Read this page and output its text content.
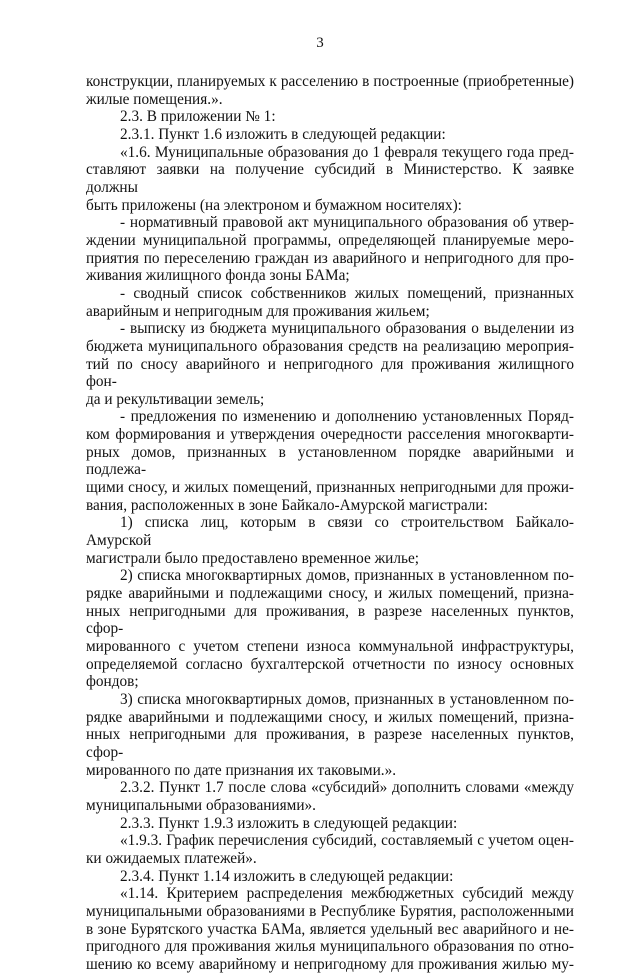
3

конструкции, планируемых к расселению в построенные (приобретенные)

жилые помещения.».

2.3. В приложении № 1:

2.3.1. Пункт 1.6 изложить в следующей редакции:

«1.6. Муниципальные образования до 1 февраля текущего года пред-

ставляют заявки на получение субсидий в Министерство. К заявке должны

быть приложены (на электроном и бумажном носителях):

- нормативный правовой акт муниципального образования об утвер-

ждении муниципальной программы, определяющей планируемые меро-

приятия по переселению граждан из аварийного и непригодного для про-

живания жилищного фонда зоны БАМа;

- сводный список собственников жилых помещений, признанных

аварийным и непригодным для проживания жильем;

- выписку из бюджета муниципального образования о выделении из

бюджета муниципального образования средств на реализацию мероприя-

тий по сносу аварийного и непригодного для проживания жилищного фон-

да и рекультивации земель;

- предложения по изменению и дополнению установленных Поряд-

ком формирования и утверждения очередности расселения многокварти-

рных домов, признанных в установленном порядке аварийными и подлежа-

щими сносу, и жилых помещений, признанных непригодными для прожи-

вания, расположенных в зоне Байкало-Амурской магистрали:

1) списка лиц, которым в связи со строительством Байкало-Амурской

магистрали было предоставлено временное жилье;

2) списка многоквартирных домов, признанных в установленном по-

рядке аварийными и подлежащими сносу, и жилых помещений, призна-

нных непригодными для проживания, в разрезе населенных пунктов, сфор-

мированного с учетом степени износа коммунальной инфраструктуры,

определяемой согласно бухгалтерской отчетности по износу основных

фондов;

3) списка многоквартирных домов, признанных в установленном по-

рядке аварийными и подлежащими сносу, и жилых помещений, призна-

нных непригодными для проживания, в разрезе населенных пунктов, сфор-

мированного по дате признания их таковыми.».

2.3.2. Пункт 1.7 после слова «субсидий» дополнить словами «между

муниципальными образованиями».

2.3.3. Пункт 1.9.3 изложить в следующей редакции:

«1.9.3. График перечисления субсидий, составляемый с учетом оцен-

ки ожидаемых платежей».

2.3.4. Пункт 1.14 изложить в следующей редакции:

«1.14. Критерием распределения межбюджетных субсидий между

муниципальными образованиями в Республике Бурятия, расположенными

в зоне Бурятского участка БАМа, является удельный вес аварийного и не-

пригодного для проживания жилья муниципального образования по отно-

шению ко всему аварийному и непригодному для проживания жилью му-
